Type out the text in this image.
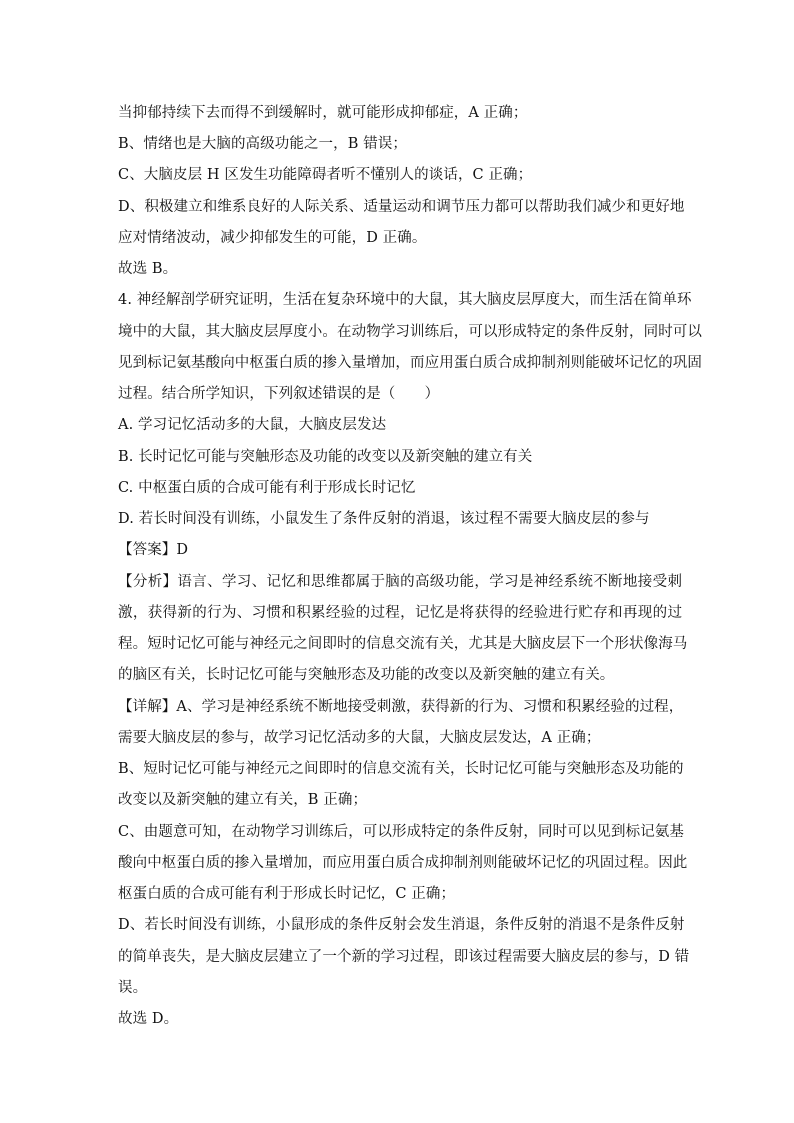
当抑郁持续下去而得不到缓解时，就可能形成抑郁症，A 正确；
B、情绪也是大脑的高级功能之一，B 错误；
C、大脑皮层 H 区发生功能障碍者听不懂别人的谈话，C 正确；
D、积极建立和维系良好的人际关系、适量运动和调节压力都可以帮助我们减少和更好地
应对情绪波动，减少抑郁发生的可能，D 正确。
故选 B。
4. 神经解剖学研究证明，生活在复杂环境中的大鼠，其大脑皮层厚度大，而生活在简单环
境中的大鼠，其大脑皮层厚度小。在动物学习训练后，可以形成特定的条件反射，同时可以
见到标记氨基酸向中枢蛋白质的掺入量增加，而应用蛋白质合成抑制剂则能破坏记忆的巩固
过程。结合所学知识，下列叙述错误的是（　　）
A. 学习记忆活动多的大鼠，大脑皮层发达
B. 长时记忆可能与突触形态及功能的改变以及新突触的建立有关
C. 中枢蛋白质的合成可能有利于形成长时记忆
D. 若长时间没有训练，小鼠发生了条件反射的消退，该过程不需要大脑皮层的参与
【答案】D
【分析】语言、学习、记忆和思维都属于脑的高级功能，学习是神经系统不断地接受刺
激，获得新的行为、习惯和积累经验的过程，记忆是将获得的经验进行贮存和再现的过
程。短时记忆可能与神经元之间即时的信息交流有关，尤其是大脑皮层下一个形状像海马
的脑区有关，长时记忆可能与突触形态及功能的改变以及新突触的建立有关。
【详解】A、学习是神经系统不断地接受刺激，获得新的行为、习惯和积累经验的过程，
需要大脑皮层的参与，故学习记忆活动多的大鼠，大脑皮层发达，A 正确；
B、短时记忆可能与神经元之间即时的信息交流有关，长时记忆可能与突触形态及功能的
改变以及新突触的建立有关，B 正确；
C、由题意可知，在动物学习训练后，可以形成特定的条件反射，同时可以见到标记氨基
酸向中枢蛋白质的掺入量增加，而应用蛋白质合成抑制剂则能破坏记忆的巩固过程。因此
枢蛋白质的合成可能有利于形成长时记忆，C 正确；
D、若长时间没有训练，小鼠形成的条件反射会发生消退，条件反射的消退不是条件反射
的简单丧失，是大脑皮层建立了一个新的学习过程，即该过程需要大脑皮层的参与，D 错
误。
故选 D。
